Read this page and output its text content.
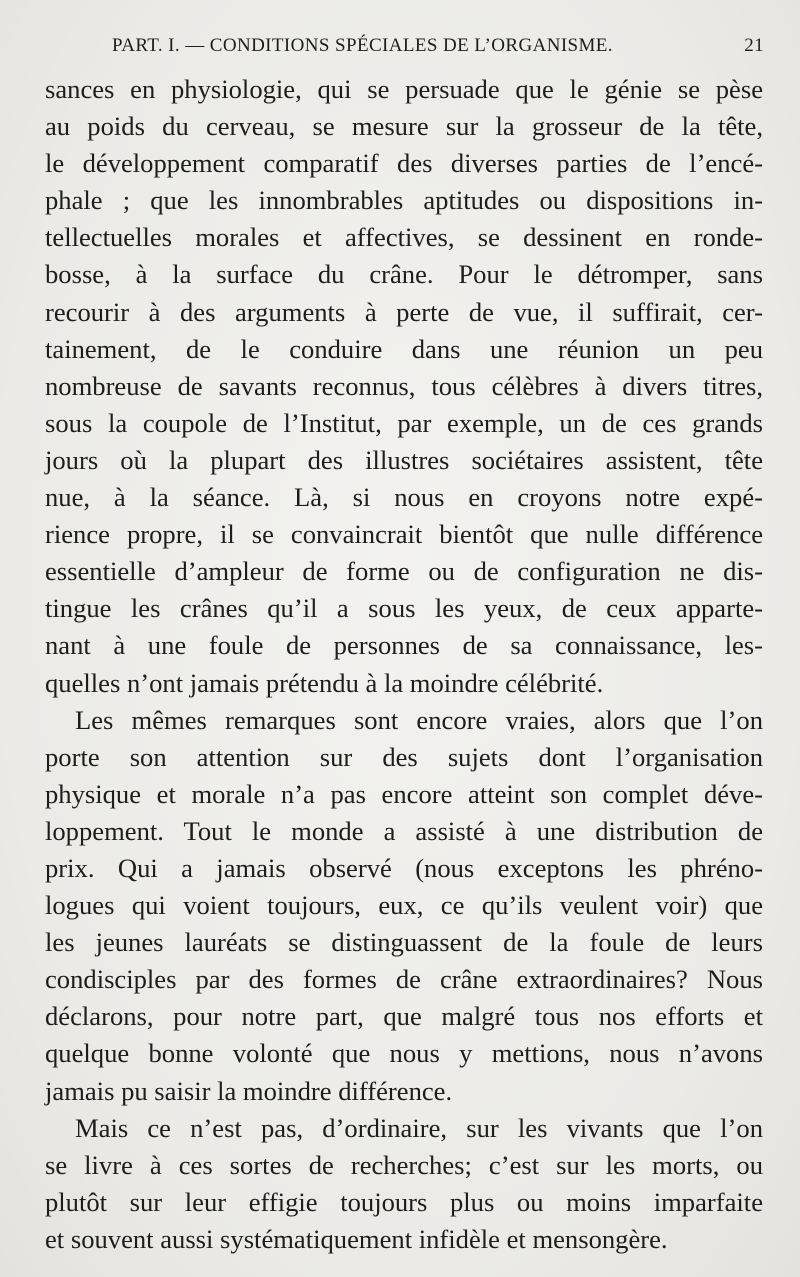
PART. I. — CONDITIONS SPÉCIALES DE L’ORGANISME.	21
sances en physiologie, qui se persuade que le génie se pèse
au poids du cerveau, se mesure sur la grosseur de la tête,
le développement comparatif des diverses parties de l’encé-
phale ; que les innombrables aptitudes ou dispositions in-
tellectuelles morales et affectives, se dessinent en ronde-
bosse, à la surface du crâne. Pour le détromper, sans
recourir à des arguments à perte de vue, il suffirait, cer-
tainement, de le conduire dans une réunion un peu
nombreuse de savants reconnus, tous célèbres à divers titres,
sous la coupole de l’Institut, par exemple, un de ces grands
jours où la plupart des illustres sociétaires assistent, tête
nue, à la séance. Là, si nous en croyons notre expé-
rience propre, il se convaincrait bientôt que nulle différence
essentielle d’ampleur de forme ou de configuration ne dis-
tingue les crânes qu’il a sous les yeux, de ceux apparte-
nant à une foule de personnes de sa connaissance, les-
quelles n’ont jamais prétendu à la moindre célébrité.
Les mêmes remarques sont encore vraies, alors que l’on
porte son attention sur des sujets dont l’organisation
physique et morale n’a pas encore atteint son complet déve-
loppement. Tout le monde a assisté à une distribution de
prix. Qui a jamais observé (nous exceptons les phréno-
logues qui voient toujours, eux, ce qu’ils veulent voir) que
les jeunes lauréats se distinguassent de la foule de leurs
condisciples par des formes de crâne extraordinaires? Nous
déclarons, pour notre part, que malgré tous nos efforts et
quelque bonne volonté que nous y mettions, nous n’avons
jamais pu saisir la moindre différence.
Mais ce n’est pas, d’ordinaire, sur les vivants que l’on
se livre à ces sortes de recherches; c’est sur les morts, ou
plutôt sur leur effigie toujours plus ou moins imparfaite
et souvent aussi systématiquement infidèle et mensongère.
